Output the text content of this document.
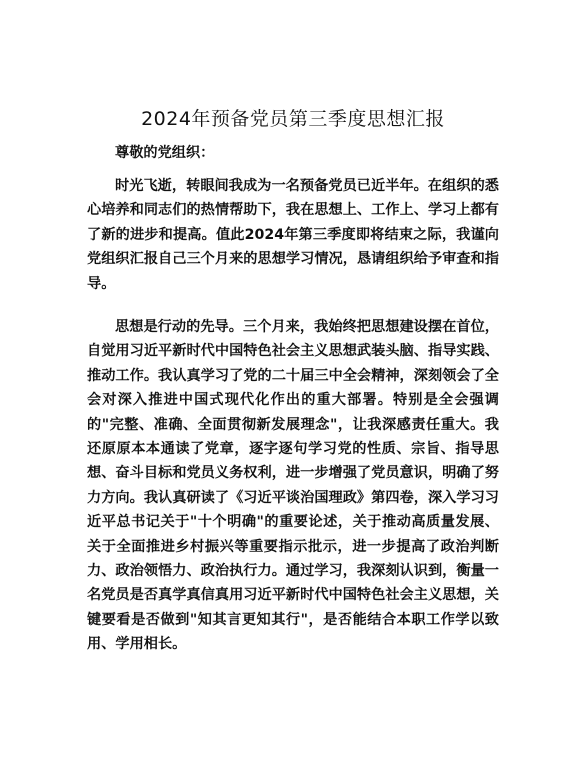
2024年预备党员第三季度思想汇报

尊敬的党组织：

时光飞逝，转眼间我成为一名预备党员已近半年。在组织的悉心培养和同志们的热情帮助下，我在思想上、工作上、学习上都有了新的进步和提高。值此2024年第三季度即将结束之际，我谨向党组织汇报自己三个月来的思想学习情况，恳请组织给予审查和指导。

思想是行动的先导。三个月来，我始终把思想建设摆在首位，自觉用习近平新时代中国特色社会主义思想武装头脑、指导实践、推动工作。我认真学习了党的二十届三中全会精神，深刻领会了全会对深入推进中国式现代化作出的重大部署。特别是全会强调的"完整、准确、全面贯彻新发展理念"，让我深感责任重大。我还原原本本通读了党章，逐字逐句学习党的性质、宗旨、指导思想、奋斗目标和党员义务权利，进一步增强了党员意识，明确了努力方向。我认真研读了《习近平谈治国理政》第四卷，深入学习习近平总书记关于"十个明确"的重要论述，关于推动高质量发展、关于全面推进乡村振兴等重要指示批示，进一步提高了政治判断力、政治领悟力、政治执行力。通过学习，我深刻认识到，衡量一名党员是否真学真信真用习近平新时代中国特色社会主义思想，关键要看是否做到"知其言更知其行"，是否能结合本职工作学以致用、学用相长。
